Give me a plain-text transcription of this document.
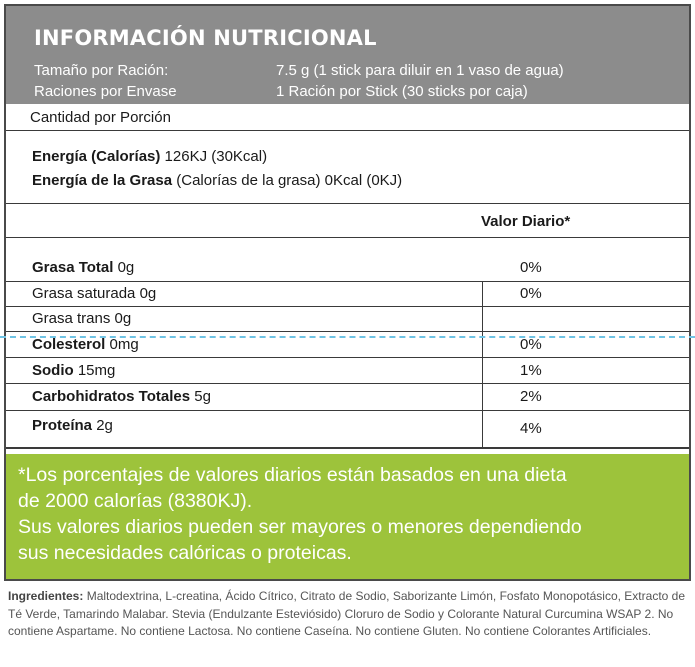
INFORMACIÓN NUTRICIONAL
Tamaño por Ración:	7.5 g (1 stick para diluir en 1 vaso de agua)
Raciones por Envase	1 Ración por Stick (30 sticks por caja)
Cantidad por Porción
Energía (Calorías) 126KJ (30Kcal)
Energía de la Grasa (Calorías de la grasa) 0Kcal (0KJ)
Valor Diario*
Grasa Total 0g	0%
Grasa saturada 0g	0%
Grasa trans 0g
Colesterol 0mg	0%
Sodio 15mg	1%
Carbohidratos Totales 5g	2%
Proteína 2g	4%

*Los porcentajes de valores diarios están basados en una dieta

de 2000 calorías (8380KJ).

Sus valores diarios pueden ser mayores o menores dependiendo

sus necesidades calóricas o proteicas.

Ingredientes: Maltodextrina, L-creatina, Ácido Cítrico, Citrato de Sodio, Saborizante Limón, Fosfato Monopotásico, Extracto de Té Verde, Tamarindo Malabar. Stevia (Endulzante Esteviósido) Cloruro de Sodio y Colorante Natural Curcumina WSAP 2. No contiene Aspartame. No contiene Lactosa. No contiene Caseína. No contiene Gluten. No contiene Colorantes Artificiales.
